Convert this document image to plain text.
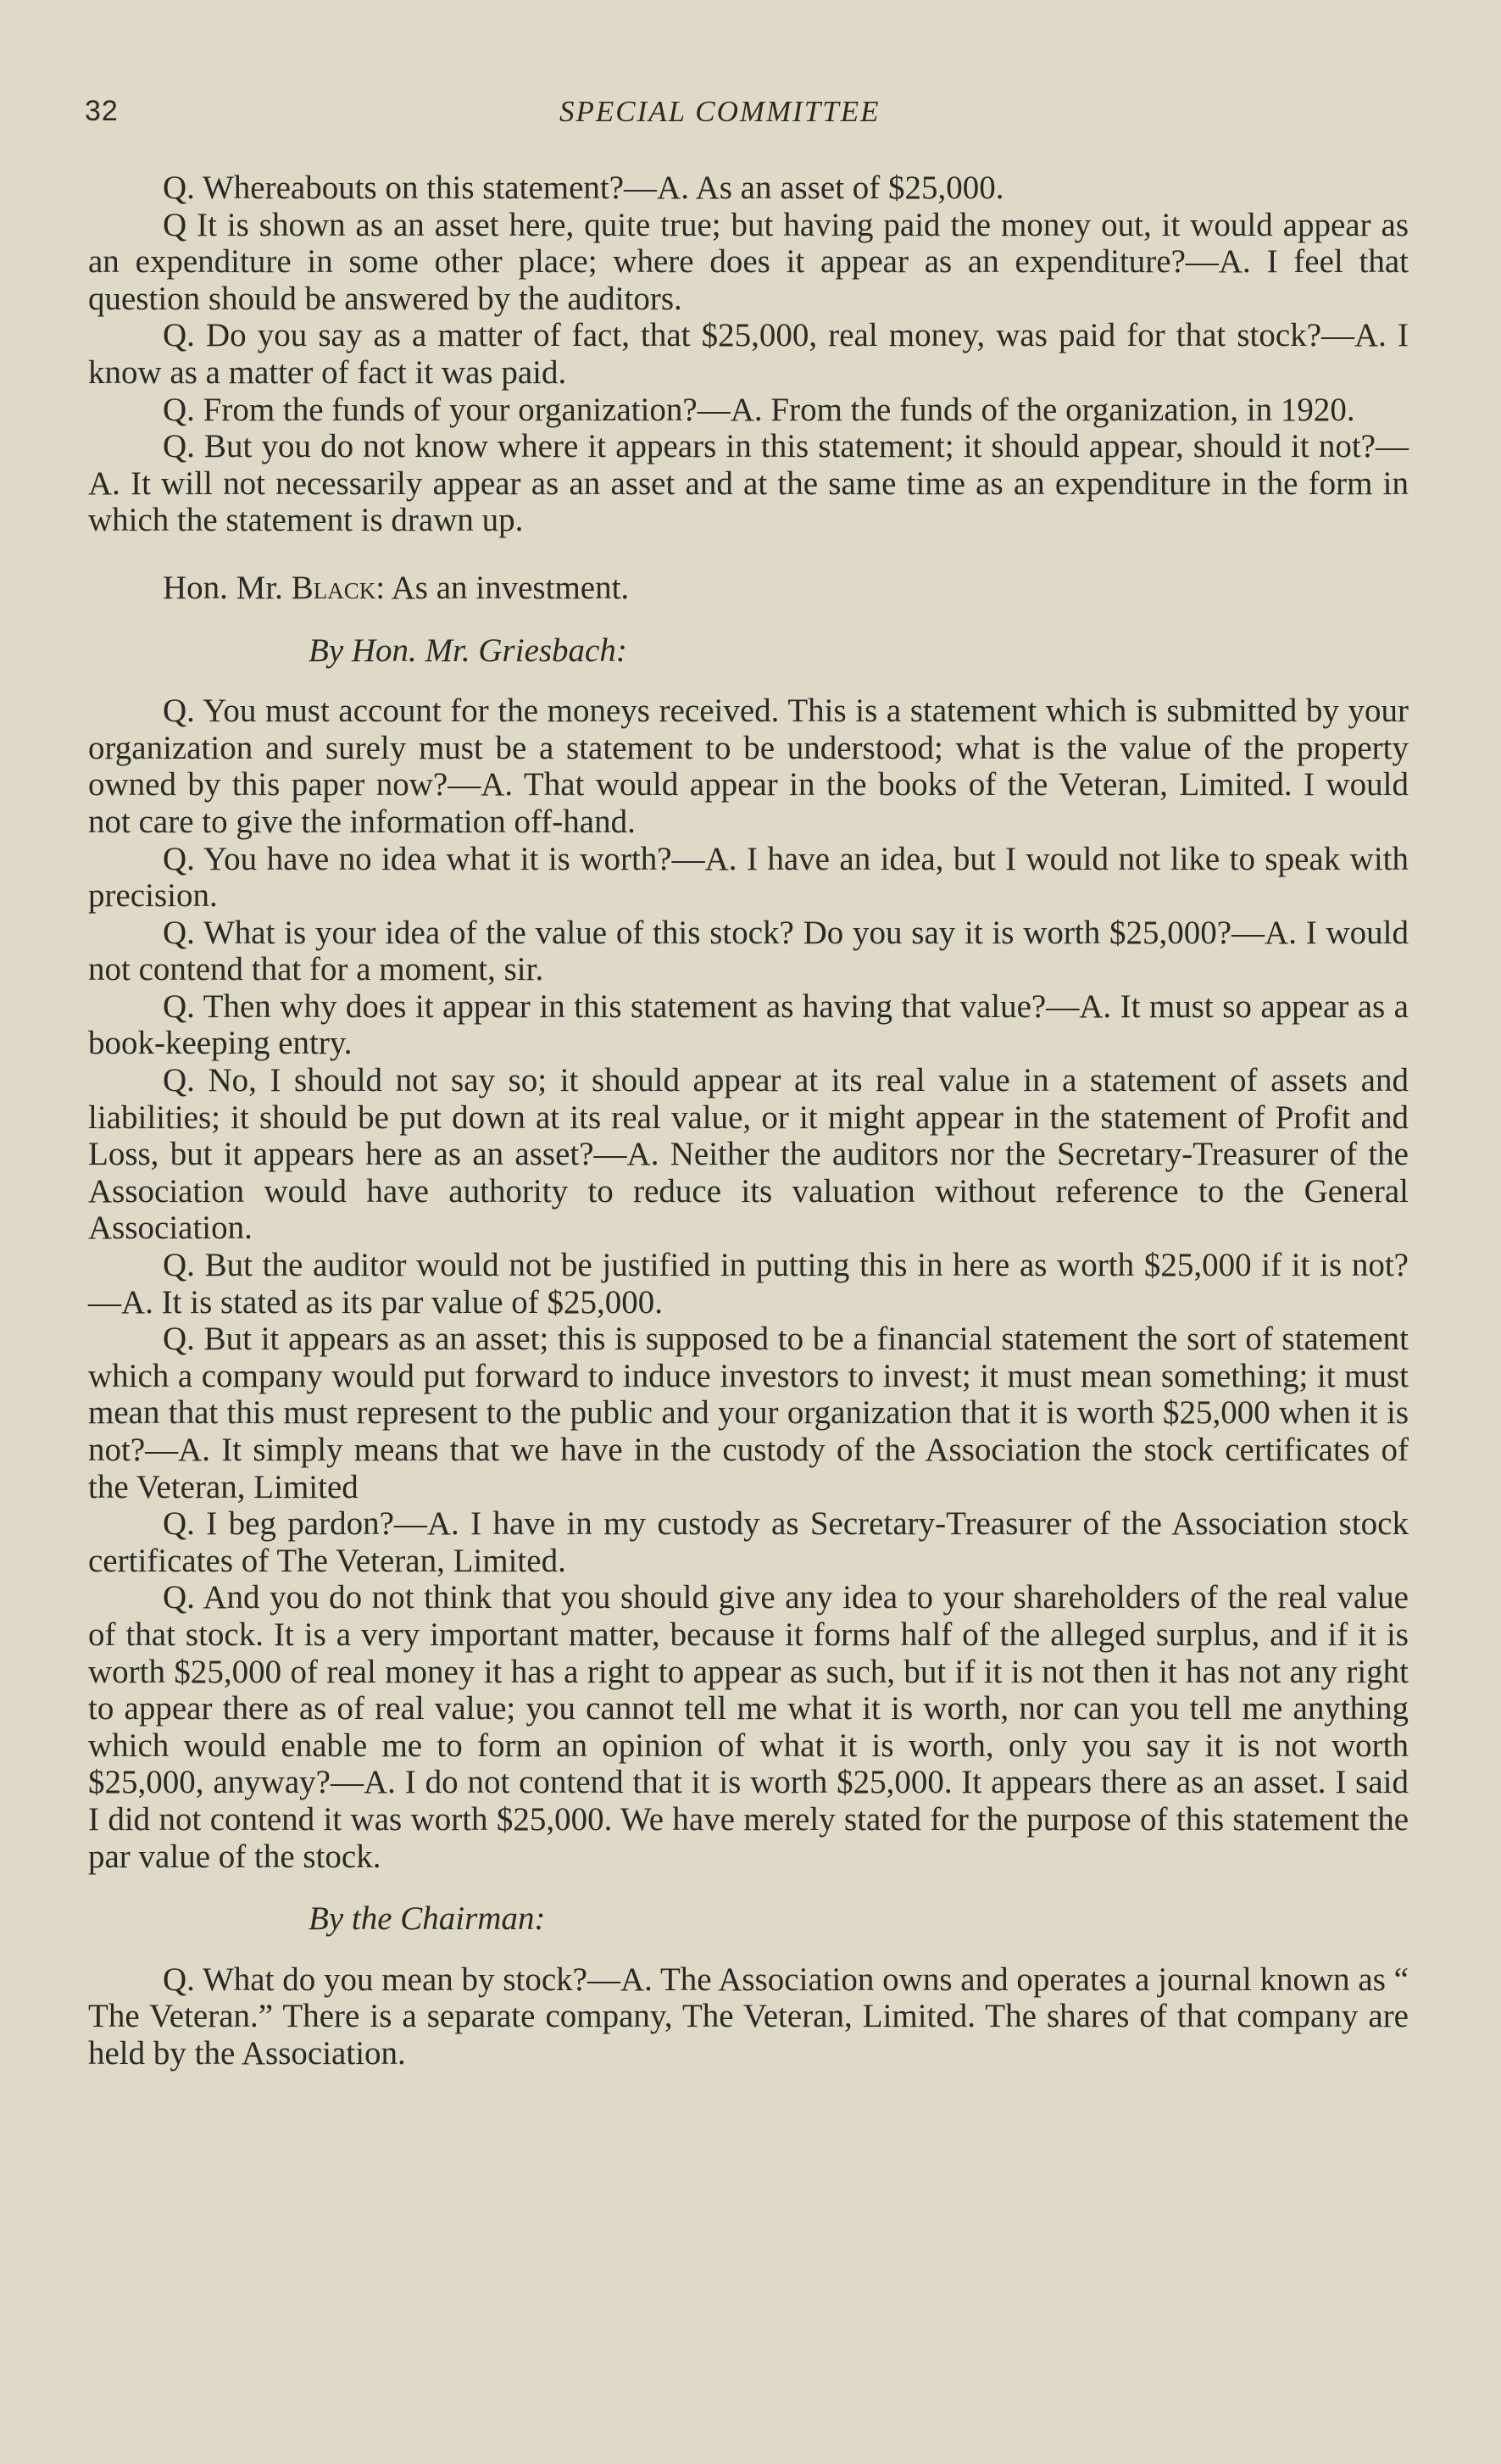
32	SPECIAL COMMITTEE

Q. Whereabouts on this statement?—A. As an asset of $25,000.

Q It is shown as an asset here, quite true; but having paid the money out, it would appear as an expenditure in some other place; where does it appear as an expenditure?—A. I feel that question should be answered by the auditors.

Q. Do you say as a matter of fact, that $25,000, real money, was paid for that stock?—A. I know as a matter of fact it was paid.

Q. From the funds of your organization?—A. From the funds of the organization, in 1920.

Q. But you do not know where it appears in this statement; it should appear, should it not?—A. It will not necessarily appear as an asset and at the same time as an expenditure in the form in which the statement is drawn up.

Hon. Mr. Black: As an investment.

By Hon. Mr. Griesbach:

Q. You must account for the moneys received. This is a statement which is submitted by your organization and surely must be a statement to be understood; what is the value of the property owned by this paper now?—A. That would appear in the books of the Veteran, Limited. I would not care to give the information off-hand.

Q. You have no idea what it is worth?—A. I have an idea, but I would not like to speak with precision.

Q. What is your idea of the value of this stock? Do you say it is worth $25,000?—A. I would not contend that for a moment, sir.

Q. Then why does it appear in this statement as having that value?—A. It must so appear as a book-keeping entry.

Q. No, I should not say so; it should appear at its real value in a statement of assets and liabilities; it should be put down at its real value, or it might appear in the statement of Profit and Loss, but it appears here as an asset?—A. Neither the auditors nor the Secretary-Treasurer of the Association would have authority to reduce its valuation without reference to the General Association.

Q. But the auditor would not be justified in putting this in here as worth $25,000 if it is not?—A. It is stated as its par value of $25,000.

Q. But it appears as an asset; this is supposed to be a financial statement the sort of statement which a company would put forward to induce investors to invest; it must mean something; it must mean that this must represent to the public and your organization that it is worth $25,000 when it is not?—A. It simply means that we have in the custody of the Association the stock certificates of the Veteran, Limited

Q. I beg pardon?—A. I have in my custody as Secretary-Treasurer of the Association stock certificates of The Veteran, Limited.

Q. And you do not think that you should give any idea to your shareholders of the real value of that stock. It is a very important matter, because it forms half of the alleged surplus, and if it is worth $25,000 of real money it has a right to appear as such, but if it is not then it has not any right to appear there as of real value; you cannot tell me what it is worth, nor can you tell me anything which would enable me to form an opinion of what it is worth, only you say it is not worth $25,000, anyway?—A. I do not contend that it is worth $25,000. It appears there as an asset. I said I did not contend it was worth $25,000. We have merely stated for the purpose of this statement the par value of the stock.

By the Chairman:

Q. What do you mean by stock?—A. The Association owns and operates a journal known as “ The Veteran.” There is a separate company, The Veteran, Limited. The shares of that company are held by the Association.
